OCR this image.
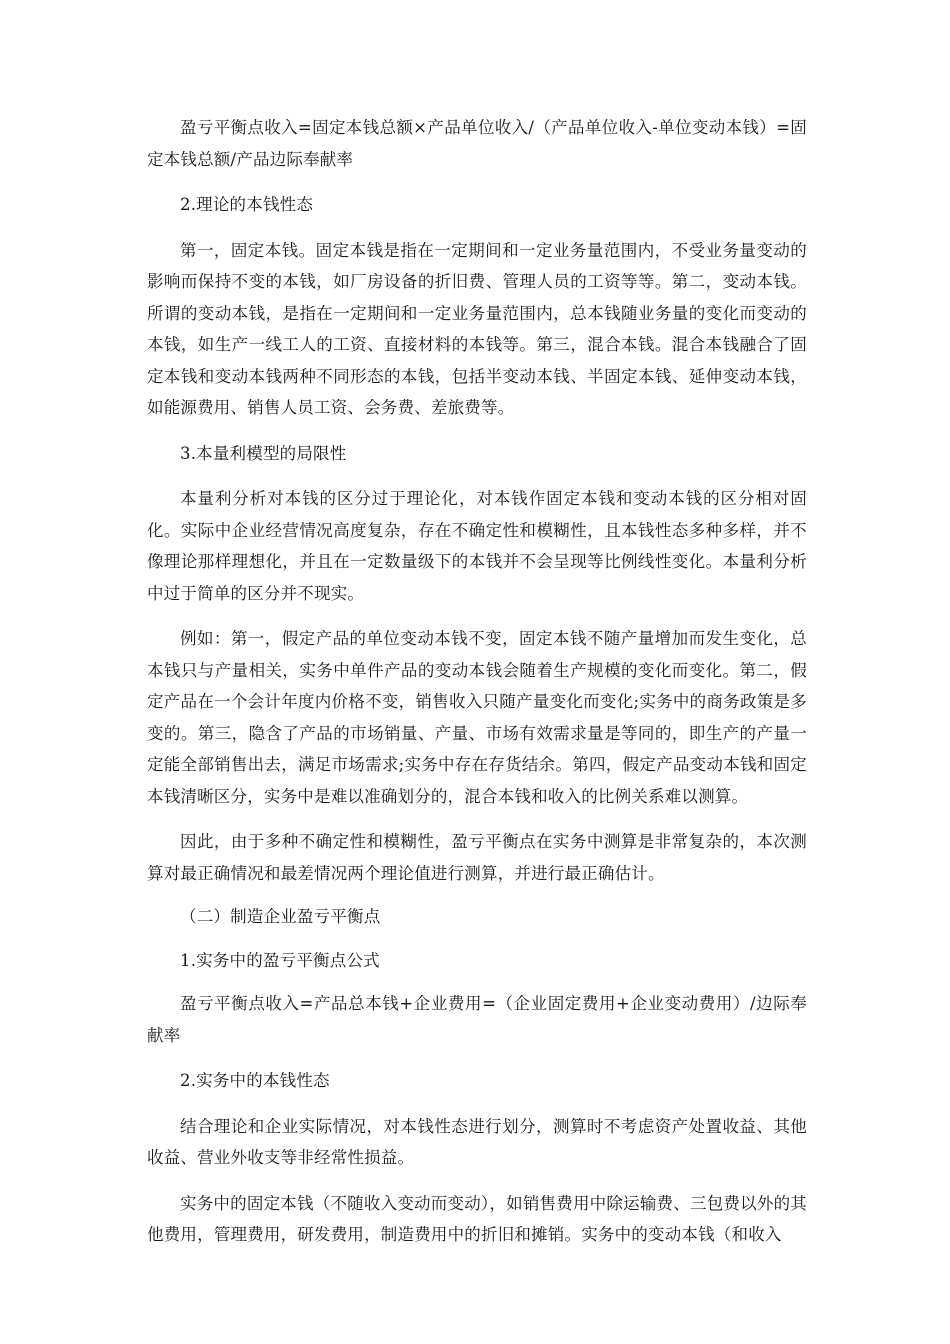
盈亏平衡点收入=固定本钱总额×产品单位收入/（产品单位收入-单位变动本钱）=固定本钱总额/产品边际奉献率

2.理论的本钱性态

第一，固定本钱。固定本钱是指在一定期间和一定业务量范围内，不受业务量变动的影响而保持不变的本钱，如厂房设备的折旧费、管理人员的工资等等。第二，变动本钱。所谓的变动本钱，是指在一定期间和一定业务量范围内，总本钱随业务量的变化而变动的本钱，如生产一线工人的工资、直接材料的本钱等。第三，混合本钱。混合本钱融合了固定本钱和变动本钱两种不同形态的本钱，包括半变动本钱、半固定本钱、延伸变动本钱，如能源费用、销售人员工资、会务费、差旅费等。

3.本量利模型的局限性

本量利分析对本钱的区分过于理论化，对本钱作固定本钱和变动本钱的区分相对固化。实际中企业经营情况高度复杂，存在不确定性和模糊性，且本钱性态多种多样，并不像理论那样理想化，并且在一定数量级下的本钱并不会呈现等比例线性变化。本量利分析中过于简单的区分并不现实。

例如：第一，假定产品的单位变动本钱不变，固定本钱不随产量增加而发生变化，总本钱只与产量相关，实务中单件产品的变动本钱会随着生产规模的变化而变化。第二，假定产品在一个会计年度内价格不变，销售收入只随产量变化而变化;实务中的商务政策是多变的。第三，隐含了产品的市场销量、产量、市场有效需求量是等同的，即生产的产量一定能全部销售出去，满足市场需求;实务中存在存货结余。第四，假定产品变动本钱和固定本钱清晰区分，实务中是难以准确划分的，混合本钱和收入的比例关系难以测算。

因此，由于多种不确定性和模糊性，盈亏平衡点在实务中测算是非常复杂的，本次测算对最正确情况和最差情况两个理论值进行测算，并进行最正确估计。

（二）制造企业盈亏平衡点

1.实务中的盈亏平衡点公式

盈亏平衡点收入=产品总本钱+企业费用=（企业固定费用+企业变动费用）/边际奉献率

2.实务中的本钱性态

结合理论和企业实际情况，对本钱性态进行划分，测算时不考虑资产处置收益、其他收益、营业外收支等非经常性损益。

实务中的固定本钱（不随收入变动而变动），如销售费用中除运输费、三包费以外的其他费用，管理费用，研发费用，制造费用中的折旧和摊销。实务中的变动本钱（和收入
